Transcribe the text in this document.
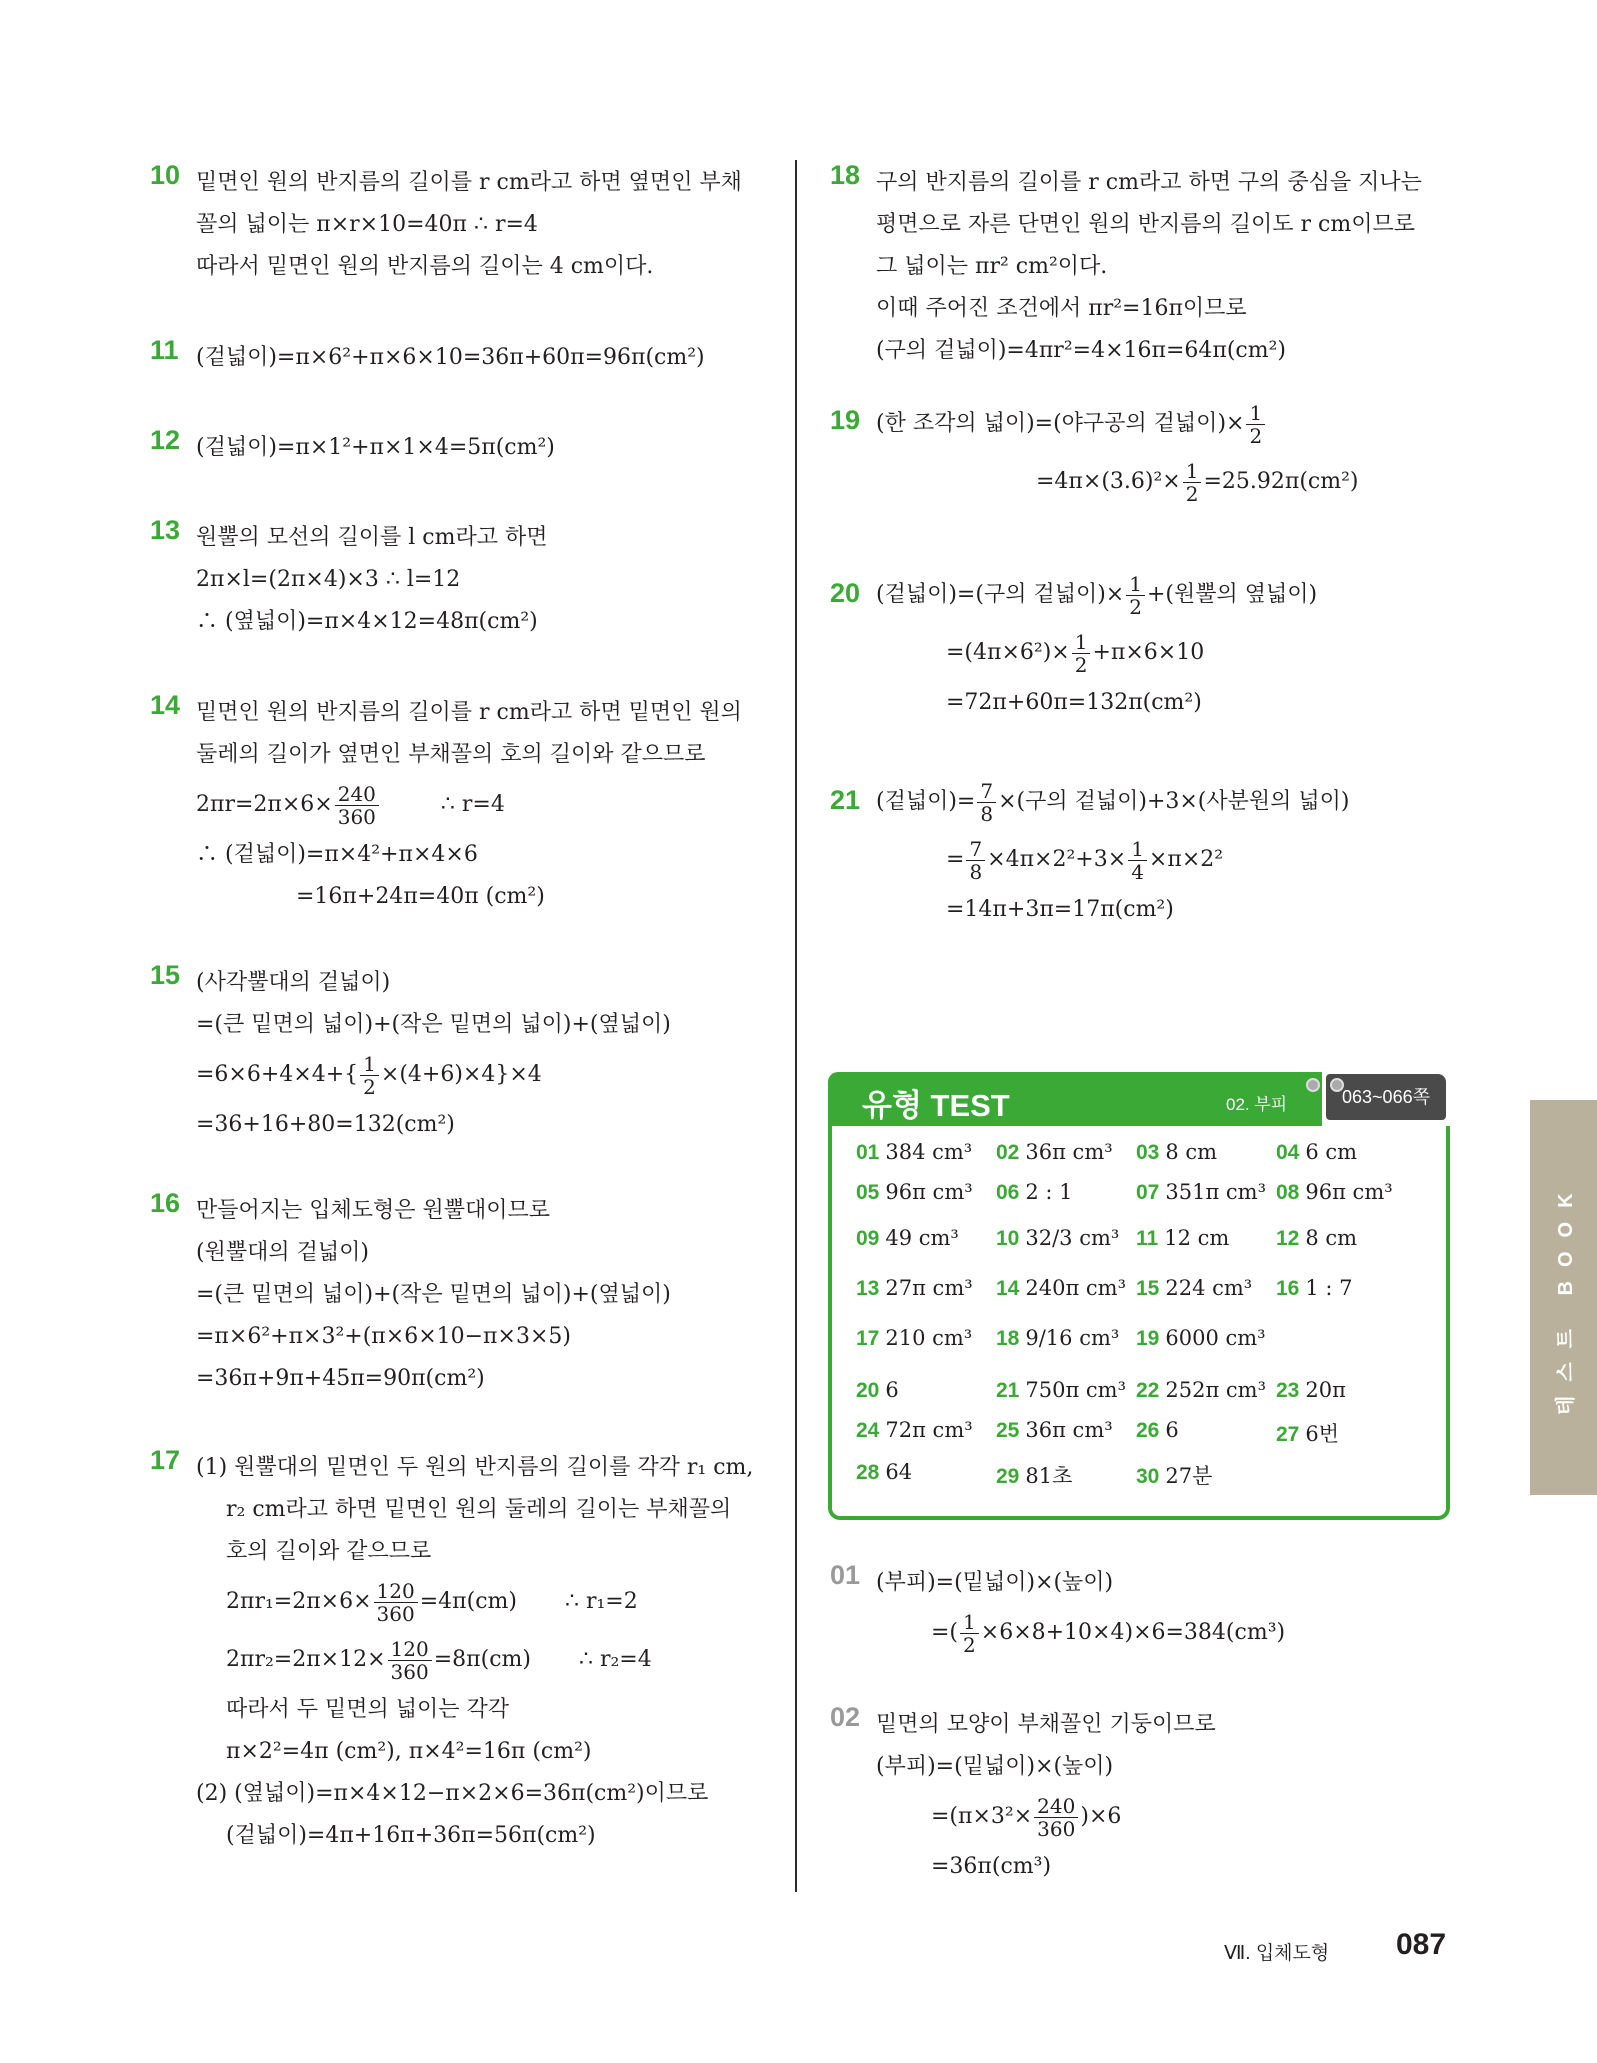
10 밑면인 원의 반지름의 길이를 r cm라고 하면 옆면인 부채
꼴의 넓이는 π×r×10=40π ∴ r=4
따라서 밑면인 원의 반지름의 길이는 4 cm이다.
11 (겉넓이)=π×6²+π×6×10=36π+60π=96π(cm²)
12 (겉넓이)=π×1²+π×1×4=5π(cm²)
13 원뿔의 모선의 길이를 l cm라고 하면
2π×l=(2π×4)×3 ∴ l=12
∴ (옆넓이)=π×4×12=48π(cm²)
14 밑면인 원의 반지름의 길이를 r cm라고 하면 밑면인 원의
둘레의 길이가 옆면인 부채꼴의 호의 길이와 같으므로
$2\pi r=2\pi\times 6\times \frac{240}{360}$	∴ r=4
∴ (겉넓이)=π×4²+π×4×6
=16π+24π=40π (cm²)
15 (사각뿔대의 겉넓이)
=(큰 밑면의 넓이)+(작은 밑면의 넓이)+(옆넓이)
$=6\times 6+4\times 4+\{ \frac{1}{2} \times(4+6)\times 4\}\times 4$
=36+16+80=132(cm²)
16 만들어지는 입체도형은 원뿔대이므로
(원뿔대의 겉넓이)
=(큰 밑면의 넓이)+(작은 밑면의 넓이)+(옆넓이)
=π×6²+π×3²+(π×6×10−π×3×5)
=36π+9π+45π=90π(cm²)
17 (1) 원뿔대의 밑면인 두 원의 반지름의 길이를 각각 r₁ cm,
r₂ cm라고 하면 밑면인 원의 둘레의 길이는 부채꼴의
호의 길이와 같으므로
$2\pi r_1=2\pi\times 6\times \frac{120}{360} =4\pi(cm)$ ∴ r₁=2
$2\pi r_2=2\pi\times 12\times \frac{120}{360} =8\pi(cm)$ ∴ r₂=4
따라서 두 밑면의 넓이는 각각
π×2²=4π (cm²), π×4²=16π (cm²)
(2) (옆넓이)=π×4×12−π×2×6=36π(cm²)이므로
(겉넓이)=4π+16π+36π=56π(cm²)
18 구의 반지름의 길이를 r cm라고 하면 구의 중심을 지나는
평면으로 자른 단면인 원의 반지름의 길이도 r cm이므로
그 넓이는 πr² cm²이다.
이때 주어진 조건에서 πr²=16π이므로
(구의 겉넓이)=4πr²=4×16π=64π(cm²)
19 (한 조각의 넓이)=(야구공의 겉넓이)× $\frac{1}{2}$
$=4\pi\times(3.6)^2\times \frac{1}{2} =25.92\pi(cm^2)$
20 (겉넓이)=(구의 겉넓이)× $\frac{1}{2}$ +(원뿔의 옆넓이)
$=(4\pi\times 6^2)\times \frac{1}{2} +\pi\times 6\times 10$
=72π+60π=132π(cm²)
21 (겉넓이)= $\frac{7}{8}$ ×(구의 겉넓이)+3×(사분원의 넓이)
= $\frac{7}{8} \times 4\pi\times 2^2+3\times \frac{1}{4} \times\pi\times 2^2$
=14π+3π=17π(cm²)
01 (부피)=(밑넓이)×(높이)
=( $\frac{1}{2} \times 6\times 8+10\times 4)\times 6=384(cm^3)$
02 밑면의 모양이 부채꼴인 기둥이므로
(부피)=(밑넓이)×(높이)
$=(\pi\times 3^2\times \frac{240}{360} )\times 6$
=36π(cm³)
유형 TEST	02. 부피	063~066쪽
01 384 cm³ 02 36π cm³ 03 8 cm	04 6 cm
05 96π cm³ 06 2 : 1	07 351π cm³ 08 96π cm³
09 49 cm³ 10 32/3 cm³ 11 12 cm 12 8 cm
13 27π cm³ 14 240π cm³ 15 224 cm³ 16 1 : 7
17 210 cm³ 18 9/16 cm³ 19 6000 cm³
20 6	21 750π cm³ 22 252π cm³ 23 20π
24 72π cm³ 25 36π cm³ 26 6	27 6번
28 64	29 81초	30 27분
테스트 BOOK
Ⅶ. 입체도형 087
